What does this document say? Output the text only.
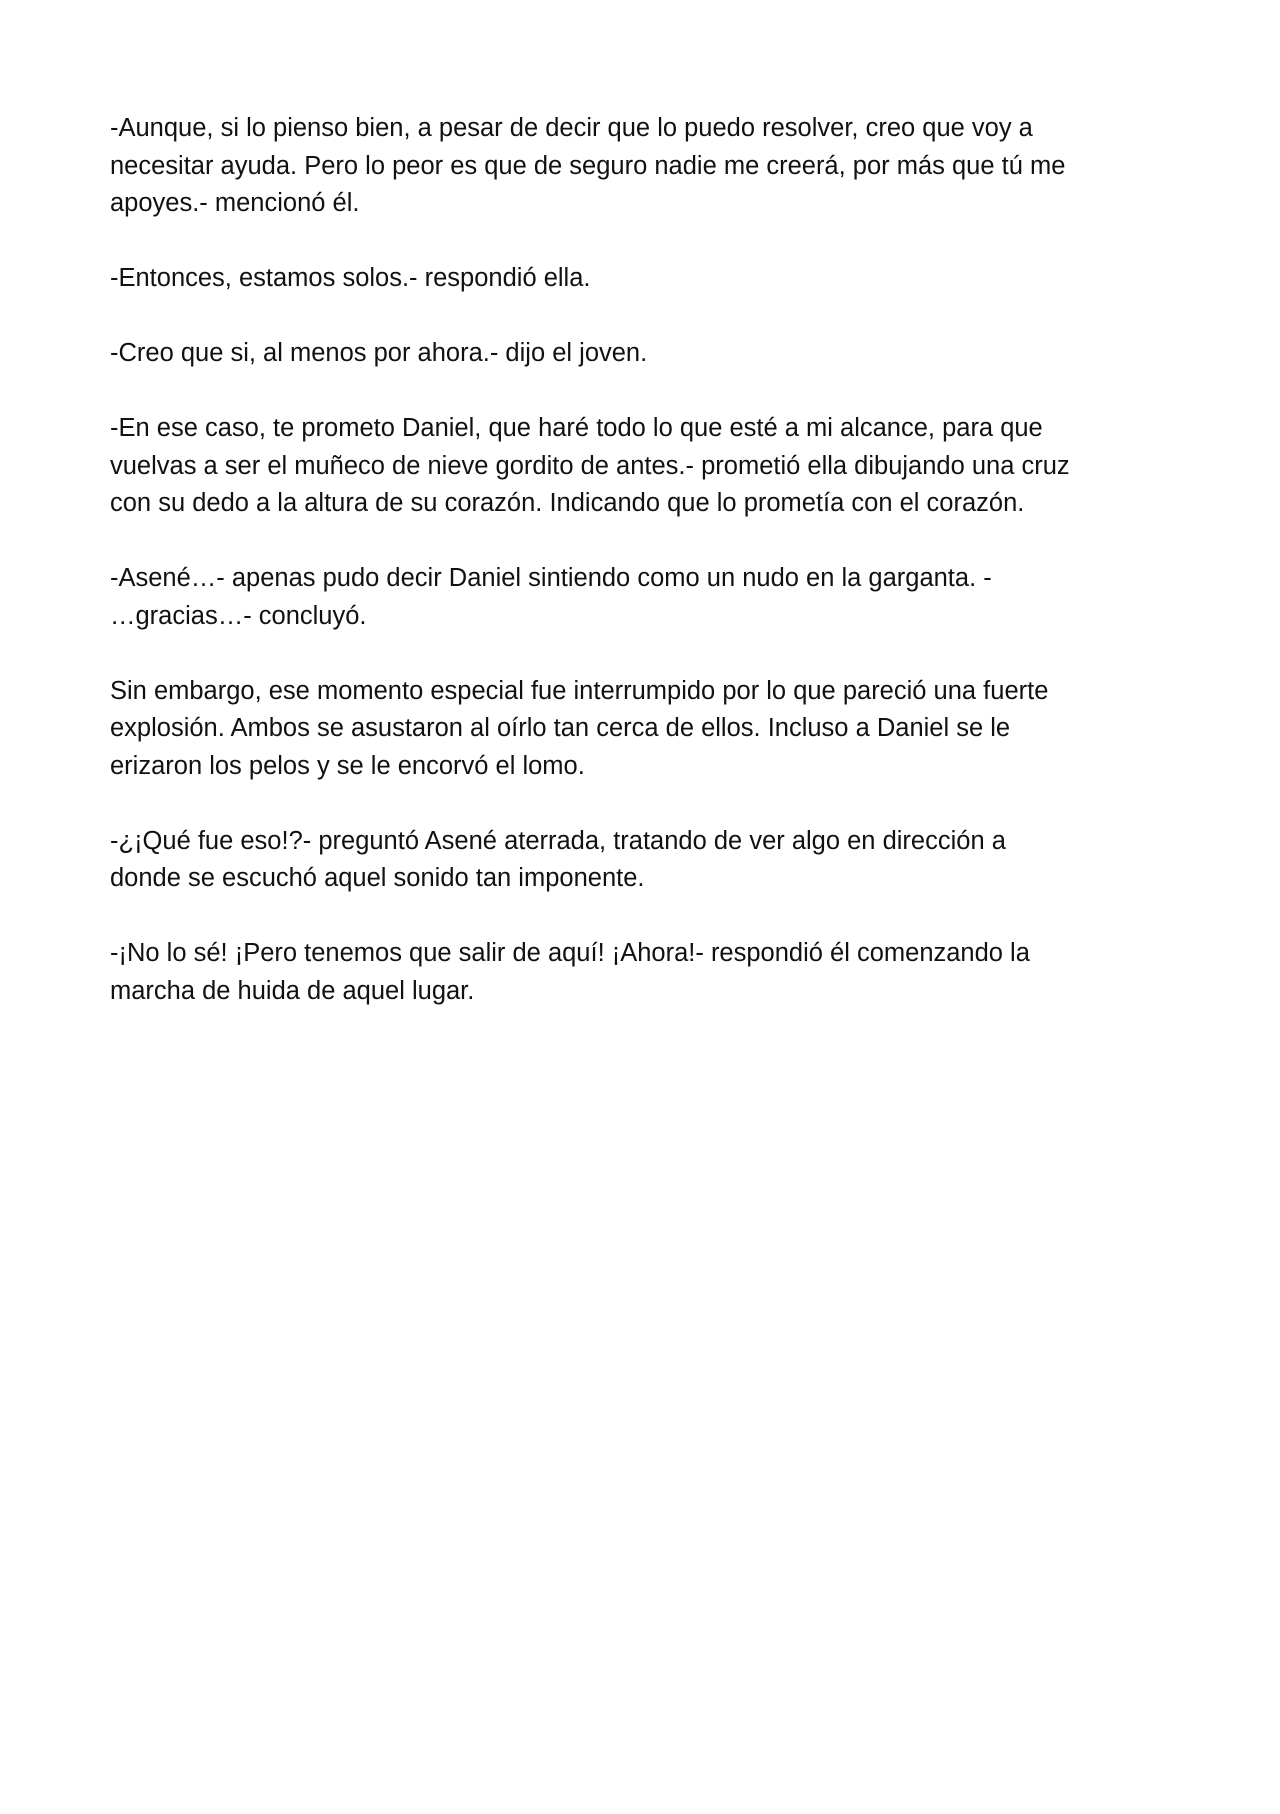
-Aunque, si lo pienso bien, a pesar de decir que lo puedo resolver, creo que voy a
necesitar ayuda. Pero lo peor es que de seguro nadie me creerá, por más que tú me
apoyes.- mencionó él.

-Entonces, estamos solos.- respondió ella.

-Creo que si, al menos por ahora.- dijo el joven.

-En ese caso, te prometo Daniel, que haré todo lo que esté a mi alcance, para que
vuelvas a ser el muñeco de nieve gordito de antes.- prometió ella dibujando una cruz
con su dedo a la altura de su corazón. Indicando que lo prometía con el corazón.

-Asené…- apenas pudo decir Daniel sintiendo como un nudo en la garganta. -
…gracias…- concluyó.

Sin embargo, ese momento especial fue interrumpido por lo que pareció una fuerte
explosión. Ambos se asustaron al oírlo tan cerca de ellos. Incluso a Daniel se le
erizaron los pelos y se le encorvó el lomo.

-¿¡Qué fue eso!?- preguntó Asené aterrada, tratando de ver algo en dirección a
donde se escuchó aquel sonido tan imponente.

-¡No lo sé! ¡Pero tenemos que salir de aquí! ¡Ahora!- respondió él comenzando la
marcha de huida de aquel lugar.
